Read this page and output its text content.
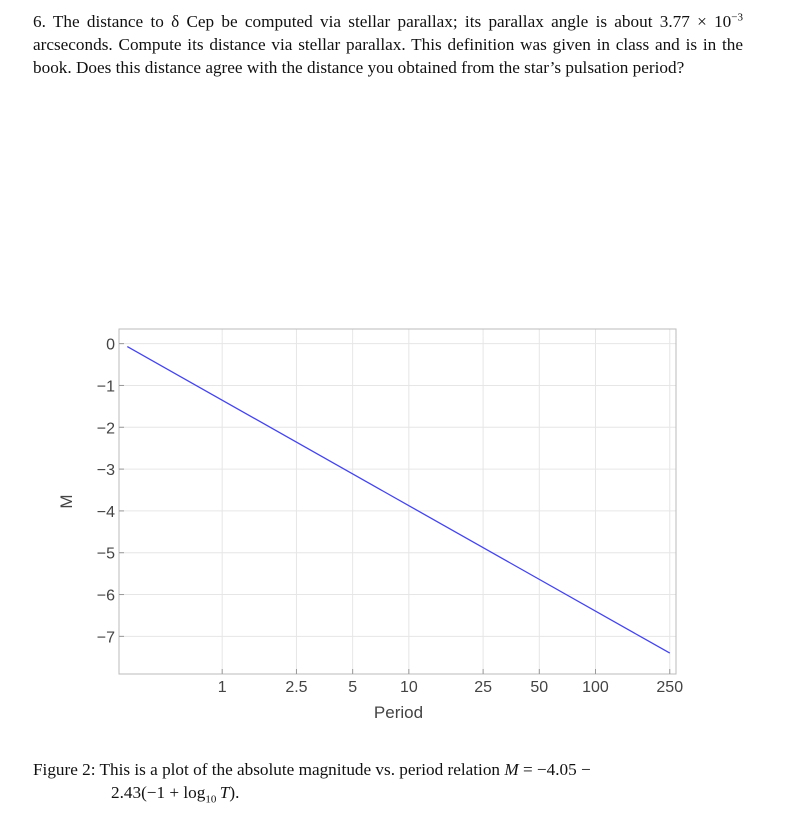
6. The distance to δ Cep be computed via stellar parallax; its parallax angle is about $3.77 \times 10^{-3}$ arcseconds. Compute its distance via stellar parallax. This definition was given in class and is in the book. Does this distance agree with the distance you obtained from the star’s pulsation period?
1	2.5	5	10	25 50 100	250
0
−1
−2
−3
−4
−5
−6
−7
Period
M
Figure 2: This is a plot of the absolute magnitude vs. period relation M = −4.05 −
$2.43(-1 + \log_{10} T)$.
